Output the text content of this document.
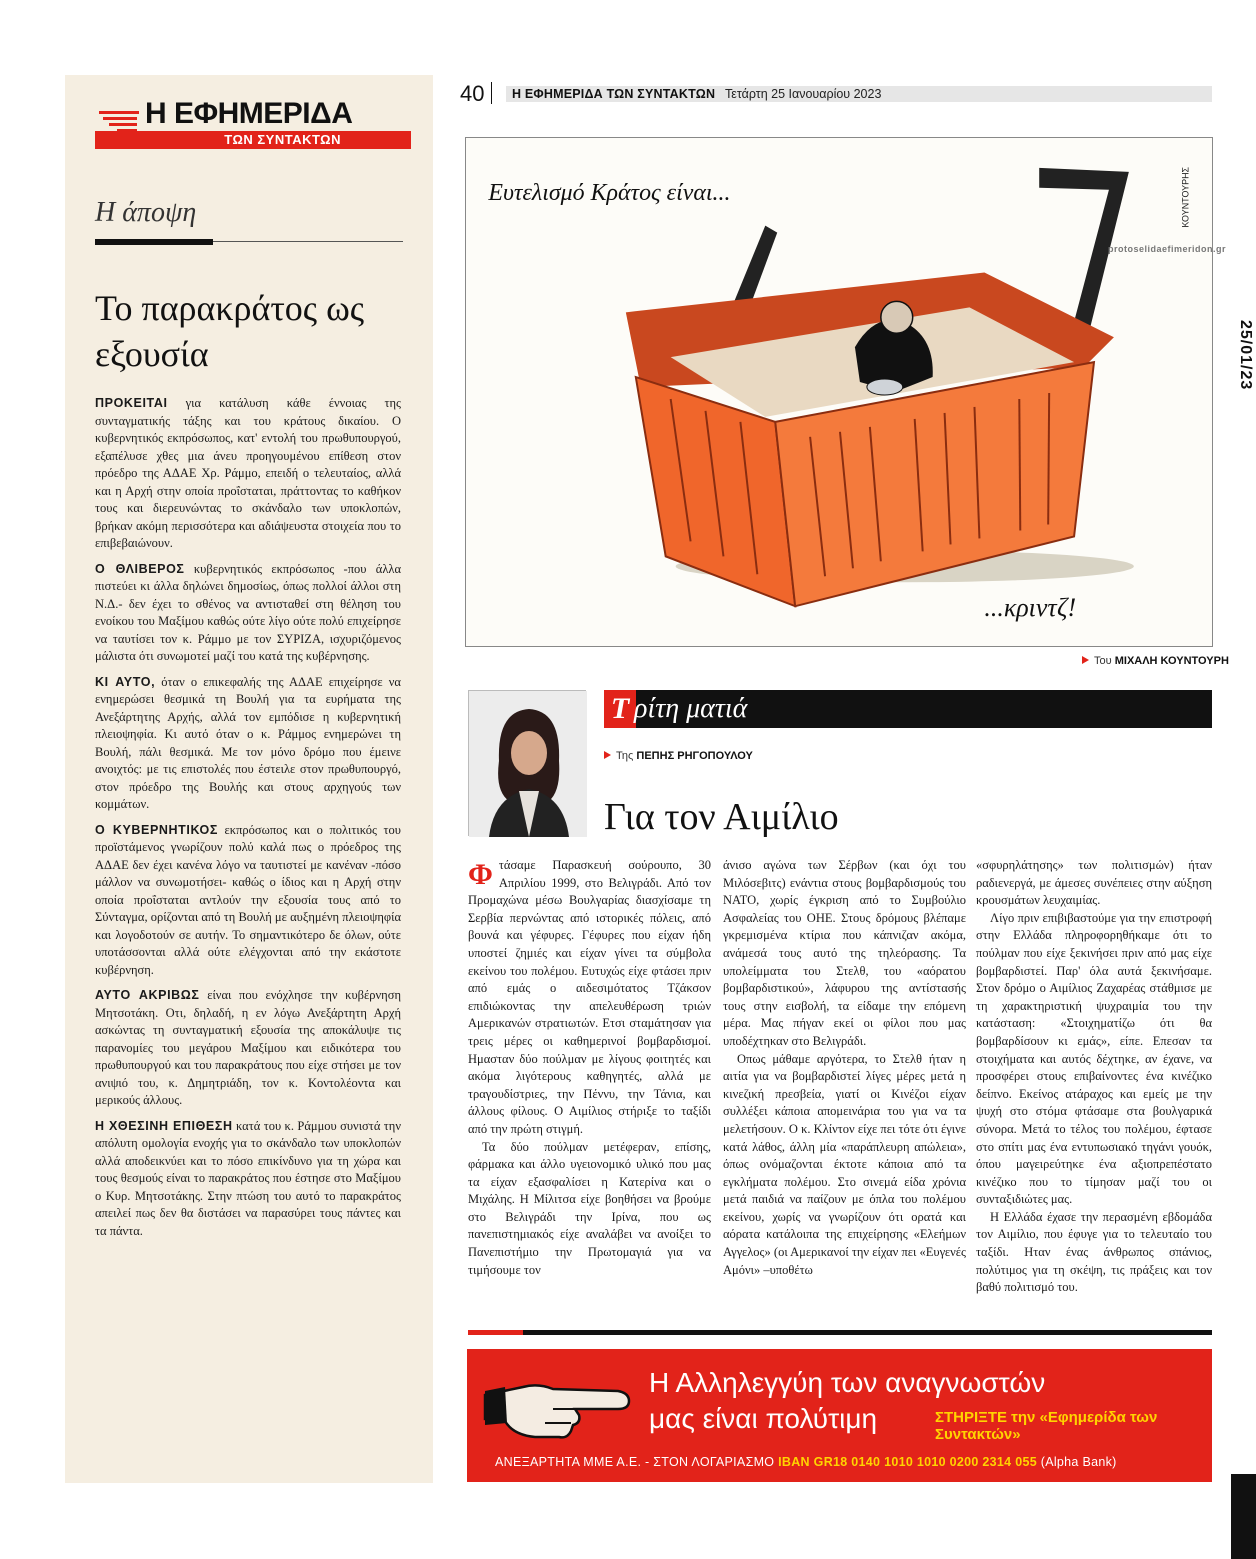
Η ΕΦΗΜΕΡΙΔΑ
ΤΩΝ ΣΥΝΤΑΚΤΩΝ
Η άποψη
Το παρακράτος ως εξουσία

ΠΡΟΚΕΙΤΑΙ για κατάλυση κάθε έννοιας της συνταγματικής τάξης και του κράτους δικαίου. Ο κυβερνητικός εκπρόσωπος, κατ' εντολή του πρωθυπουργού, εξαπέλυσε χθες μια άνευ προηγουμένου επίθεση στον πρόεδρο της ΑΔΑΕ Χρ. Ράμμο, επειδή ο τελευταίος, αλλά και η Αρχή στην οποία προΐσταται, πράττοντας το καθήκον τους και διερευνώντας το σκάνδαλο των υποκλοπών, βρήκαν ακόμη περισσότερα και αδιάψευστα στοιχεία που το επιβεβαιώνουν.

Ο ΘΛΙΒΕΡΟΣ κυβερνητικός εκπρόσωπος -που άλλα πιστεύει κι άλλα δηλώνει δημοσίως, όπως πολλοί άλλοι στη Ν.Δ.- δεν έχει το σθένος να αντισταθεί στη θέληση του ενοίκου του Μαξίμου καθώς ούτε λίγο ούτε πολύ επιχείρησε να ταυτίσει τον κ. Ράμμο με τον ΣΥΡΙΖΑ, ισχυριζόμενος μάλιστα ότι συνωμοτεί μαζί του κατά της κυβέρνησης.

ΚΙ ΑΥΤΟ, όταν ο επικεφαλής της ΑΔΑΕ επιχείρησε να ενημερώσει θεσμικά τη Βουλή για τα ευρήματα της Ανεξάρτητης Αρχής, αλλά τον εμπόδισε η κυβερνητική πλειοψηφία. Κι αυτό όταν ο κ. Ράμμος ενημερώνει τη Βουλή, πάλι θεσμικά. Με τον μόνο δρόμο που έμεινε ανοιχτός: με τις επιστολές που έστειλε στον πρωθυπουργό, στον πρόεδρο της Βουλής και στους αρχηγούς των κομμάτων.

Ο ΚΥΒΕΡΝΗΤΙΚΟΣ εκπρόσωπος και ο πολιτικός του προϊστάμενος γνωρίζουν πολύ καλά πως ο πρόεδρος της ΑΔΑΕ δεν έχει κανένα λόγο να ταυτιστεί με κανέναν -πόσο μάλλον να συνωμοτήσει- καθώς ο ίδιος και η Αρχή στην οποία προΐσταται αντλούν την εξουσία τους από το Σύνταγμα, ορίζονται από τη Βουλή με αυξημένη πλειοψηφία και λογοδοτούν σε αυτήν. Το σημαντικότερο δε όλων, ούτε υποτάσσονται αλλά ούτε ελέγχονται από την εκάστοτε κυβέρνηση.

ΑΥΤΟ ΑΚΡΙΒΩΣ είναι που ενόχλησε την κυβέρνηση Μητσοτάκη. Οτι, δηλαδή, η εν λόγω Ανεξάρτητη Αρχή ασκώντας τη συνταγματική εξουσία της αποκάλυψε τις παρανομίες του μεγάρου Μαξίμου και ειδικότερα του πρωθυπουργού και του παρακράτους που είχε στήσει με τον ανιψιό του, κ. Δημητριάδη, τον κ. Κοντολέοντα και μερικούς άλλους.

Η ΧΘΕΣΙΝΗ ΕΠΙΘΕΣΗ κατά του κ. Ράμμου συνιστά την απόλυτη ομολογία ενοχής για το σκάνδαλο των υποκλοπών αλλά αποδεικνύει και το πόσο επικίνδυνο για τη χώρα και τους θεσμούς είναι το παρακράτος που έστησε στο Μαξίμου ο Κυρ. Μητσοτάκης. Στην πτώση του αυτό το παρακράτος απειλεί πως δεν θα διστάσει να παρασύρει τους πάντες και τα πάντα.

40 Η ΕΦΗΜΕΡΙΔΑ ΤΩΝ ΣΥΝΤΑΚΤΩΝ Τετάρτη 25 Ιανουαρίου 2023
Ευτελισμό Κράτος είναι...
...κριντζ!
ΚΟΥΝΤΟΥΡΗΣ
protoselidaefimeridon.gr
Του ΜΙΧΑΛΗ ΚΟΥΝΤΟΥΡΗ
25/01/23
Τ ρίτη ματιά
Της ΠΕΠΗΣ ΡΗΓΟΠΟΥΛΟΥ
Για τον Αιμίλιο

Φτάσαμε Παρασκευή σούρουπο, 30 Απριλίου 1999, στο Βελιγράδι. Από τον Προμαχώνα μέσω Βουλγαρίας διασχίσαμε τη Σερβία περνώντας από ιστορικές πόλεις, από βουνά και γέφυρες. Γέφυρες που είχαν ήδη υποστεί ζημιές και είχαν γίνει τα σύμβολα εκείνου του πολέμου. Ευτυχώς είχε φτάσει πριν από εμάς ο αιδεσιμότατος Τζάκσον επιδιώκοντας την απελευθέρωση τριών Αμερικανών στρατιωτών. Ετσι σταμάτησαν για τρεις μέρες οι καθημερινοί βομβαρδισμοί. Ημασταν δύο πούλμαν με λίγους φοιτητές και ακόμα λιγότερους καθηγητές, αλλά με τραγουδίστριες, την Πέννυ, την Τάνια, και άλλους φίλους. Ο Αιμίλιος στήριξε το ταξίδι από την πρώτη στιγμή.

Τα δύο πούλμαν μετέφεραν, επίσης, φάρμακα και άλλο υγειονομικό υλικό που μας τα είχαν εξασφαλίσει η Κατερίνα και ο Μιχάλης. Η Μίλιτσα είχε βοηθήσει να βρούμε στο Βελιγράδι την Ιρίνα, που ως πανεπιστημιακός είχε αναλάβει να ανοίξει το Πανεπιστήμιο την Πρωτομαγιά για να τιμήσουμε τον

άνισο αγώνα των Σέρβων (και όχι του Μιλόσεβιτς) ενάντια στους βομβαρδισμούς του ΝΑΤΟ, χωρίς έγκριση από το Συμβούλιο Ασφαλείας του ΟΗΕ. Στους δρόμους βλέπαμε γκρεμισμένα κτίρια που κάπνιζαν ακόμα, ανάμεσά τους αυτό της τηλεόρασης. Τα υπολείμματα του Στελθ, του «αόρατου βομβαρδιστικού», λάφυρου της αντίστασής τους στην εισβολή, τα είδαμε την επόμενη μέρα. Μας πήγαν εκεί οι φίλοι που μας υποδέχτηκαν στο Βελιγράδι.

Οπως μάθαμε αργότερα, το Στελθ ήταν η αιτία για να βομβαρδιστεί λίγες μέρες μετά η κινεζική πρεσβεία, γιατί οι Κινέζοι είχαν συλλέξει κάποια απομεινάρια του για να τα μελετήσουν. Ο κ. Κλίντον είχε πει τότε ότι έγινε κατά λάθος, άλλη μία «παράπλευρη απώλεια», όπως ονόμαζονται έκτοτε κάποια από τα εγκλήματα πολέμου. Στο σινεμά είδα χρόνια μετά παιδιά να παίζουν με όπλα του πολέμου εκείνου, χωρίς να γνωρίζουν ότι ορατά και αόρατα κατάλοιπα της επιχείρησης «Ελεήμων Αγγελος» (οι Αμερικανοί την είχαν πει «Ευγενές Αμόνι» –υποθέτω

«σφυρηλάτησης» των πολιτισμών) ήταν ραδιενεργά, με άμεσες συνέπειες στην αύξηση κρουσμάτων λευχαιμίας.

Λίγο πριν επιβιβαστούμε για την επιστροφή στην Ελλάδα πληροφορηθήκαμε ότι το πούλμαν που είχε ξεκινήσει πριν από μας είχε βομβαρδιστεί. Παρ' όλα αυτά ξεκινήσαμε. Στον δρόμο ο Αιμίλιος Ζαχαρέας στάθμισε με τη χαρακτηριστική ψυχραιμία του την κατάσταση: «Στοιχηματίζω ότι θα βομβαρδίσουν κι εμάς», είπε. Επεσαν τα στοιχήματα και αυτός δέχτηκε, αν έχανε, να προσφέρει στους επιβαίνοντες ένα κινέζικο δείπνο. Εκείνος ατάραχος και εμείς με την ψυχή στο στόμα φτάσαμε στα βουλγαρικά σύνορα. Μετά το τέλος του πολέμου, έφτασε στο σπίτι μας ένα εντυπωσιακό τηγάνι γουόκ, όπου μαγειρεύτηκε ένα αξιοπρεπέστατο κινέζικο που το τίμησαν μαζί του οι συνταξιδιώτες μας.

Η Ελλάδα έχασε την περασμένη εβδομάδα τον Αιμίλιο, που έφυγε για το τελευταίο του ταξίδι. Ηταν ένας άνθρωπος σπάνιος, πολύτιμος για τη σκέψη, τις πράξεις και τον βαθύ πολιτισμό του.

Η Αλληλεγγύη των αναγνωστών
μας είναι πολύτιμη	ΣΤΗΡΙΞΤΕ την «Εφημερίδα των Συντακτών»
ΑΝΕΞΑΡΤΗΤΑ ΜΜΕ Α.Ε. - ΣΤΟΝ ΛΟΓΑΡΙΑΣΜΟ IBAN GR18 0140 1010 1010 0200 2314 055 (Alpha Bank)
